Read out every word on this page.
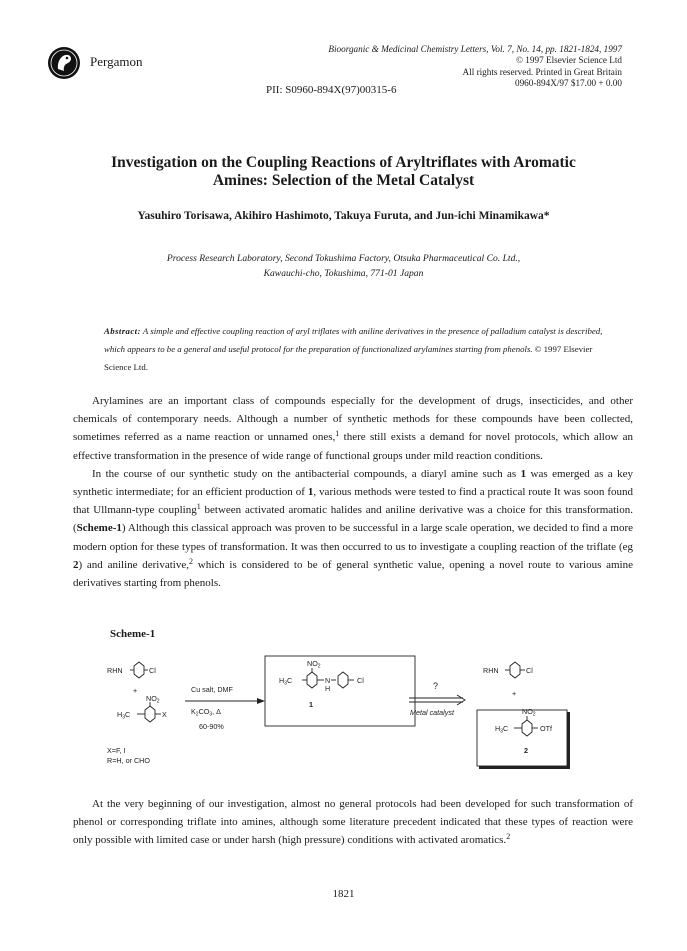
Pergamon
Bioorganic & Medicinal Chemistry Letters, Vol. 7, No. 14, pp. 1821-1824, 1997
© 1997 Elsevier Science Ltd
All rights reserved. Printed in Great Britain
0960-894X/97 $17.00 + 0.00
PII: S0960-894X(97)00315-6
Investigation on the Coupling Reactions of Aryltriflates with Aromatic
Amines: Selection of the Metal Catalyst
Yasuhiro Torisawa, Akihiro Hashimoto, Takuya Furuta, and Jun-ichi Minamikawa*
Process Research Laboratory, Second Tokushima Factory, Otsuka Pharmaceutical Co. Ltd.,
Kawauchi-cho, Tokushima, 771-01 Japan
Abstract: A simple and effective coupling reaction of aryl triflates with aniline derivatives in the presence of palladium catalyst is described, which appears to be a general and useful protocol for the preparation of functionalized arylamines starting from phenols. © 1997 Elsevier Science Ltd.

Arylamines are an important class of compounds especially for the development of drugs, insecticides, and other chemicals of contemporary needs. Although a number of synthetic methods for these compounds have been collected, sometimes referred as a name reaction or unnamed ones,$^1$ there still exists a demand for novel protocols, which allow an effective transformation in the presence of wide range of functional groups under mild reaction conditions.

In the course of our synthetic study on the antibacterial compounds, a diaryl amine such as 1 was emerged as a key synthetic intermediate; for an efficient production of 1, various methods were tested to find a practical route It was soon found that Ullmann-type coupling$^1$ between activated aromatic halides and aniline derivative was a choice for this transformation. (Scheme-1) Although this classical approach was proven to be successful in a large scale operation, we decided to find a more modern option for these types of transformation. It was then occurred to us to investigate a coupling reaction of the triflate (eg 2) and aniline derivative,$^2$ which is considered to be of general synthetic value, opening a novel route to various amine derivatives starting from phenols.

Scheme-1
RHN	Cl
+
$NO_2$
$H_3C$	X
Cu salt, DMF
$K_2CO_3$, Δ
60-90%
X=F, I
R=H, or CHO
$NO_2$
$H_3C$	N
H
Cl
1
?
Metal catalyst
RHN	Cl
+
$NO_2$
$H_3C$	OTf
2

At the very beginning of our investigation, almost no general protocols had been developed for such transformation of phenol or corresponding triflate into amines, although some literature precedent indicated that these types of reaction were only possible with limited case or under harsh (high pressure) conditions with activated aromatics.$^2$

1821
